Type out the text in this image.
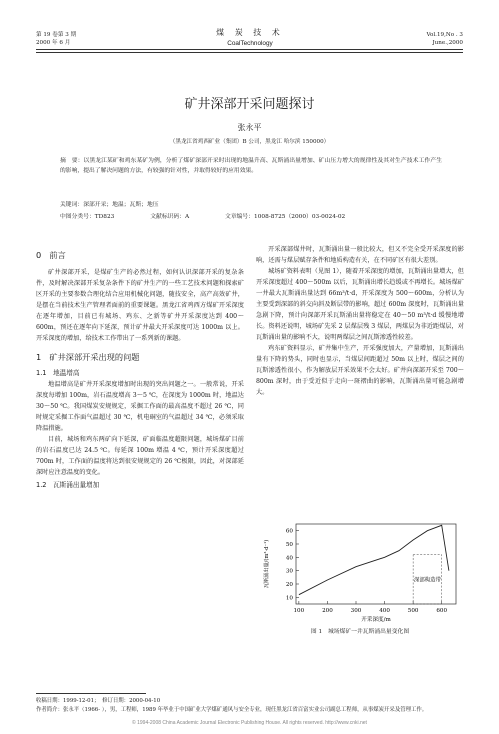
第 19 卷第 3 期
2000 年 6 月
煤 炭 技 术
CoalTechnology
Vol.19,No . 3
June.,2000
矿井深部开采问题探讨
张永平
（黑龙江省鸡西矿业（集团）B 公司，黑龙江 哈尔滨 150000）
摘　要：以黑龙江某矿和鸡东某矿为例，分析了煤矿深部开采时出现的地温升高、瓦斯涌出量增加、矿山压力增大的规律性及其对生产技术工作产生的影响，提出了解决问题的方法，有较强的针对性，并取得较好的应用效果。
关键词：深部开采；地温；瓦斯；地压
中图分类号：TD823	文献标识码：A	文章编号：1008-8725（2000）03-0024-02
0　前言

矿井深部开采，是煤矿生产的必然过程，如何认识深部开采的复杂条件，及时解决深部开采复杂条件下的矿井生产的一些工艺技术问题和探索矿区开采的主要参数合理化结合应用机械化问题，随技安全，高产高效矿井，是摆在当前技术生产管理者面前的重要课题。黑龙江省鸡西方煤矿开采深度在逐年增加，目前已有城场、鸡东、之新等矿井开采深度达到 400～600m，预还在逐年向下延深，预计矿井最大开采深度可达 1000m 以上。开采深度的增加，给技术工作带出了一系列新的课题。

1　矿井深部开采出现的问题
1.1　地温增高

地温增高是矿井开采深度增加时出现的突出问题之一。一般常说，开采深度每增加 100m，岩石温度增高 3～5 ℃，在深度为 1000m 时，地温达 30～50 ℃。我国煤炭安规规定，采掘工作面的最高温度不超过 26 ℃，同时规定采掘工作面气温超过 30 ℃，机电硐室的气温超过 34 ℃，必须采取降温措施。

目前，城场和鸡东两矿向下延深，矿面临温度超限问题，城场煤矿目前的岩石温度已达 24.5 ℃。每延深 100m 增温 4 ℃，预计开采深度超过 700m 时，工作面的温度将达到很安规规定的 26 ℃极限，因此，对深部延深时应注意温度的变化。

1.2　瓦斯涌出量增加

开采深部煤井时，瓦斯涌出量一般比较大，但又不完全受开采深度的影响，还需与煤层赋存条件和地质构造有关，在不同矿区有很大差别。

城场矿资料表明（见图 1），随着开采深度的增加，瓦斯涌出量增大，但开采深度超过 400～500m 以后，瓦斯涌出增长趋缓或不再增长。城场煤矿一井最大瓦斯涌出量达到 66m³/t·d，开采深度为 500～600m，分析认为主要受到深部的斜交向斜及断层带的影响，超过 600m 深度时，瓦斯涌出量急剧下降，预计向深部开采瓦斯涌出量将稳定在 40～50 m³/t·d 缓慢地增长。资料还说明，城场矿先采 2 层煤层残 3 煤层，两煤层为非近距煤层，对瓦斯涌出量的影响不大，说明两煤层之间瓦斯渗透性较差。

鸡东矿资料显示，矿井集中生产，开采强度加大，产量增加，瓦斯涌出量有下降的势头，同时也显示，当煤层间距超过 50m 以上时，煤层之间的瓦斯渗透性很小，作为解放层开采效果不会太好。矿井向深部开采至 700～800m 深时，由于受近似于走向一斑褶曲的影响，瓦斯涌出量可能急剧增大。

10
20
30
40
50
60
100	200	300	400	500	600
深部构造带
瓦斯涌出量/(m³·d⁻¹)
开采深度/m
图 1　城场煤矿一井瓦斯涌出量变化图
收稿日期：1999-12-01；　修订日期：2000-04-10
作者简介：张永平（1966- ），男，工程师，1989 年毕业于中国矿业大学煤矿通风与安全专业，现任黑龙江省百富实业公司副总工程师，从事煤炭开采及管理工作。
© 1994-2008 China Academic Journal Electronic Publishing House. All rights reserved. http://www.cnki.net
